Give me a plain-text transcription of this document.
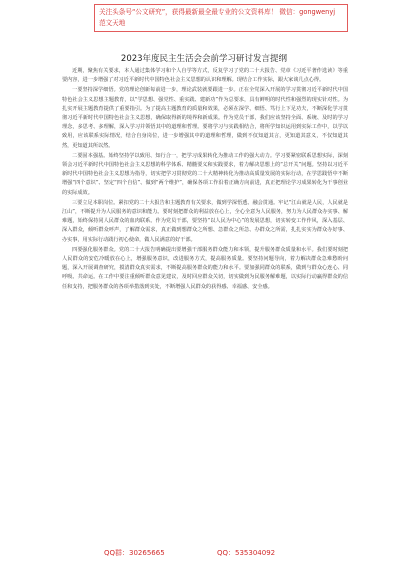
关注头条号“公文研究”，获得最新最全最专业的公文资料库！ 微信：gongwenyj
范文天地
2023年度民主生活会会前学习研讨发言提纲

近期，聚焦有关要求，本人通过集体学习和个人自学等方式，反复学习了党的二十大报告、党章《习近平著作选读》等重要内容，进一步增强了对习近平新时代中国特色社会主义思想的认识和理解。现结合工作实际，跟大家谈几点心得。

一要坚持深学细悟。党的理论创新每前进一步，理论武装就要跟进一步。正在全党深入开展的学习贯彻习近平新时代中国特色社会主义思想主题教育，以“学思想、强党性、重实践、建新功”作为总要求，具有鲜明的时代性和强烈的现实针对性。为扎实开展主题教育提供了重要指引。为了提高主题教育的质量和效果，必须在深学、细悟、笃行上下足功夫，不断深化学习贯彻习近平新时代中国特色社会主义思想，确保取得新的境界和新成果。作为党员干部，我们应该坚持全面、系统、及时的学习理念，多思考、多理解，深入学习并领悟其中的道理和哲理。要将学习与实践相结合，将所学知识运用到实际工作中，以学以致用，应该联系实际情况，结合自身岗位，进一步增强其中的道理和哲理，做到不仅知道其言，更知道其意义，不仅知道其然，更知道其所以然。

二要固本强基。始终坚持学以致用、知行合一，把学习成果转化为推动工作的强大动力。学习要紧密联系思想实际，深刻领会习近平新时代中国特色社会主义思想的科学体系、精髓要义和实践要求，着力解决思想上的“总开关”问题。坚持以习近平新时代中国特色社会主义思想为指导，切实把学习贯彻党的二十大精神转化为推动高质量发展的实际行动，在学思践悟中不断增强“四个意识”、坚定“四个自信”、做到“两个维护”，确保各项工作沿着正确方向前进，真正把理论学习成果转化为干事创业的实际成效。

三要立足本职岗位。紧扣党的二十大报告和主题教育有关要求，做到学深悟透、融会贯通。牢记“江山就是人民，人民就是江山”，不断提升为人民服务的意识和能力。要时刻把群众的利益放在心上，全心全意为人民服务，努力为人民群众办实事、解难题，始终保持同人民群众的血肉联系。作为党员干部，要坚持“以人民为中心”的发展思想，切实转变工作作风，深入基层、深入群众，倾听群众呼声，了解群众需求，真正做到想群众之所想、急群众之所急、办群众之所需，扎扎实实为群众办好事、办实事，用实际行动践行初心使命，做人民满意的好干部。

四要强化服务群众。党的二十大报告明确提出要增强干部服务群众能力和本领，提升服务群众质量和水平。我们要时刻把人民群众的安危冷暖放在心上，增强服务意识，改进服务方式，提高服务质量。要坚持问题导向，着力解决群众急难愁盼问题，深入开展调查研究，摸清群众真实需求，不断提高服务群众的能力和水平。要加强同群众的联系，做到与群众心连心、同呼吸、共命运。在工作中要注重倾听群众意见建议，及时回应群众关切，切实做到为民服务解难题，以实际行动赢得群众的信任和支持，把服务群众的各项举措落到实处，不断增强人民群众的获得感、幸福感、安全感。

QQ群：30265665	QQ：535304092
